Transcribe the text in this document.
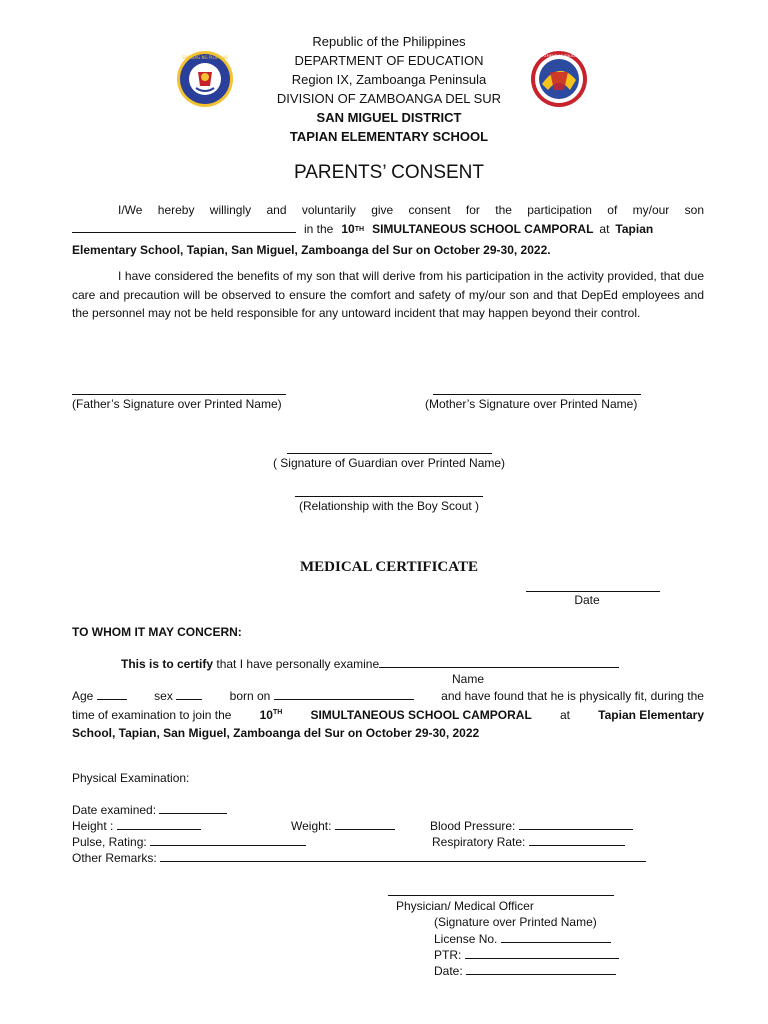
SAGISAG NG PILIPINAS	DEPARTMENT OF EDUCATION
Republic of the Philippines
DEPARTMENT OF EDUCATION
Region IX, Zamboanga Peninsula
DIVISION OF ZAMBOANGA DEL SUR
SAN MIGUEL DISTRICT
TAPIAN ELEMENTARY SCHOOL
PARENTS’ CONSENT
I/We hereby willingly and voluntarily give consent for the participation of my/our son
in the 10 TH SIMULTANEOUS SCHOOL CAMPORAL at Tapian
Elementary School, Tapian, San Miguel, Zamboanga del Sur on October 29-30, 2022.
I have considered the benefits of my son that will derive from his participation in the activity provided, that due care and precaution will be observed to ensure the comfort and safety of my/our son and that DepEd employees and the personnel may not be held responsible for any untoward incident that may happen beyond their control.
(Father’s Signature over Printed Name)	(Mother’s Signature over Printed Name)
( Signature of Guardian over Printed Name)
(Relationship with the Boy Scout )
MEDICAL CERTIFICATE
Date
TO WHOM IT MAY CONCERN:
This is to certify that I have personally examine
Name
Age	sex	born on	and have found that he is physically fit, during the
time of examination to join the 10TH SIMULTANEOUS SCHOOL CAMPORAL at Tapian Elementary
School, Tapian, San Miguel, Zamboanga del Sur on October 29-30, 2022
Physical Examination:
Date examined:
Height :	Weight:	Blood Pressure:
Pulse, Rating:	Respiratory Rate:
Other Remarks:
Physician/ Medical Officer
(Signature over Printed Name)
License No.
PTR:
Date:
